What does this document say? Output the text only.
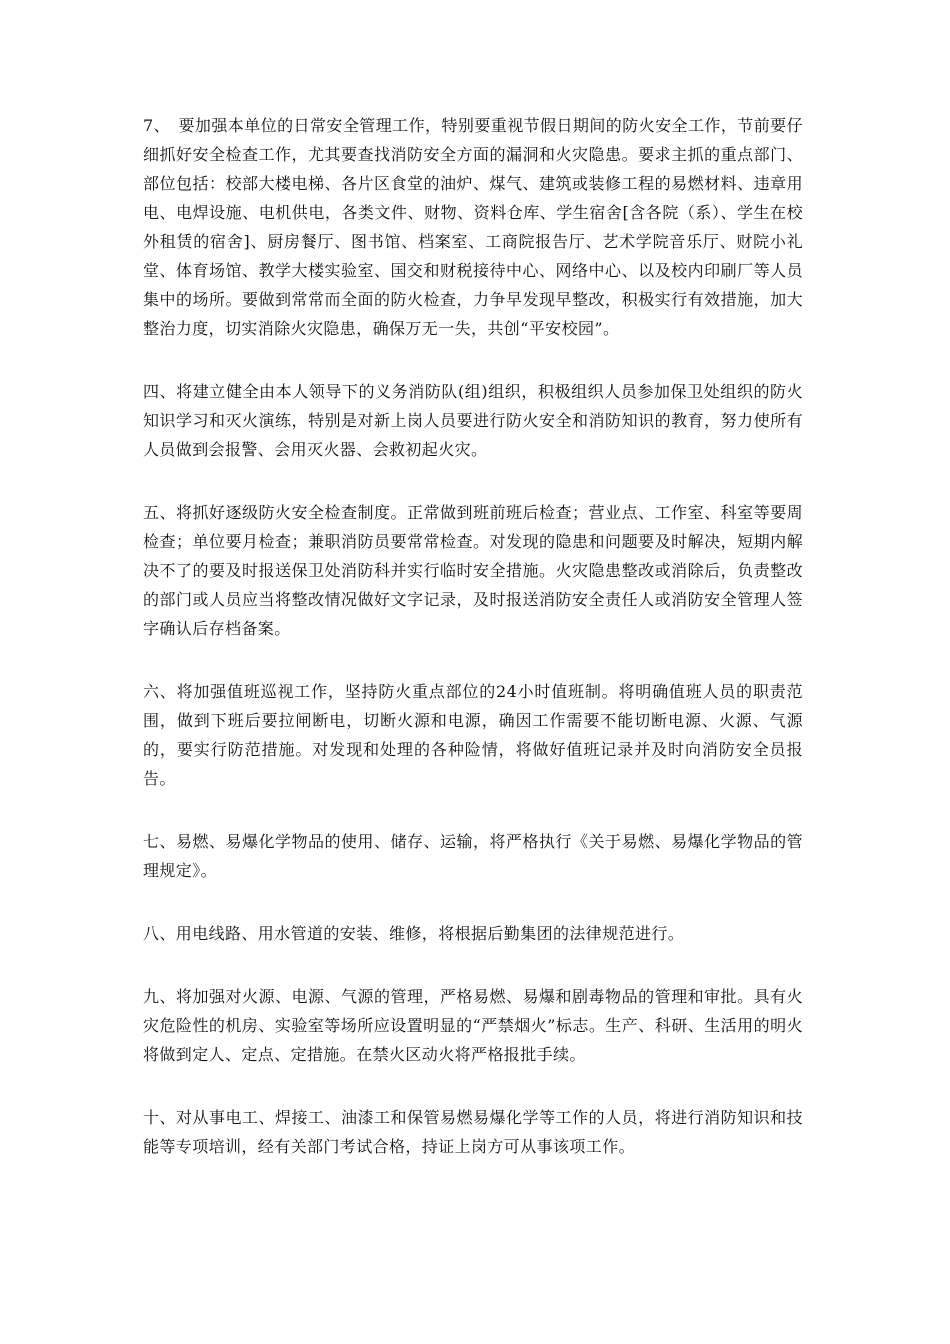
7、　要加强本单位的日常安全管理工作，特别要重视节假日期间的防火安全工作，节前要仔细抓好安全检查工作，尤其要查找消防安全方面的漏洞和火灾隐患。要求主抓的重点部门、部位包括：校部大楼电梯、各片区食堂的油炉、煤气、建筑或装修工程的易燃材料、违章用电、电焊设施、电机供电，各类文件、财物、资料仓库、学生宿舍[含各院（系）、学生在校外租赁的宿舍]、厨房餐厅、图书馆、档案室、工商院报告厅、艺术学院音乐厅、财院小礼堂、体育场馆、教学大楼实验室、国交和财税接待中心、网络中心、以及校内印刷厂等人员集中的场所。要做到常常而全面的防火检查，力争早发现早整改，积极实行有效措施，加大整治力度，切实消除火灾隐患，确保万无一失，共创“平安校园”。

四、将建立健全由本人领导下的义务消防队(组)组织，积极组织人员参加保卫处组织的防火知识学习和灭火演练，特别是对新上岗人员要进行防火安全和消防知识的教育，努力使所有人员做到会报警、会用灭火器、会救初起火灾。

五、将抓好逐级防火安全检查制度。正常做到班前班后检查；营业点、工作室、科室等要周检查；单位要月检查；兼职消防员要常常检查。对发现的隐患和问题要及时解决，短期内解决不了的要及时报送保卫处消防科并实行临时安全措施。火灾隐患整改或消除后，负责整改的部门或人员应当将整改情况做好文字记录，及时报送消防安全责任人或消防安全管理人签字确认后存档备案。

六、将加强值班巡视工作，坚持防火重点部位的24小时值班制。将明确值班人员的职责范围，做到下班后要拉闸断电，切断火源和电源，确因工作需要不能切断电源、火源、气源的，要实行防范措施。对发现和处理的各种险情，将做好值班记录并及时向消防安全员报告。

七、易燃、易爆化学物品的使用、储存、运输，将严格执行《关于易燃、易爆化学物品的管理规定》。

八、用电线路、用水管道的安装、维修，将根据后勤集团的法律规范进行。

九、将加强对火源、电源、气源的管理，严格易燃、易爆和剧毒物品的管理和审批。具有火灾危险性的机房、实验室等场所应设置明显的“严禁烟火”标志。生产、科研、生活用的明火将做到定人、定点、定措施。在禁火区动火将严格报批手续。

十、对从事电工、焊接工、油漆工和保管易燃易爆化学等工作的人员，将进行消防知识和技能等专项培训，经有关部门考试合格，持证上岗方可从事该项工作。
